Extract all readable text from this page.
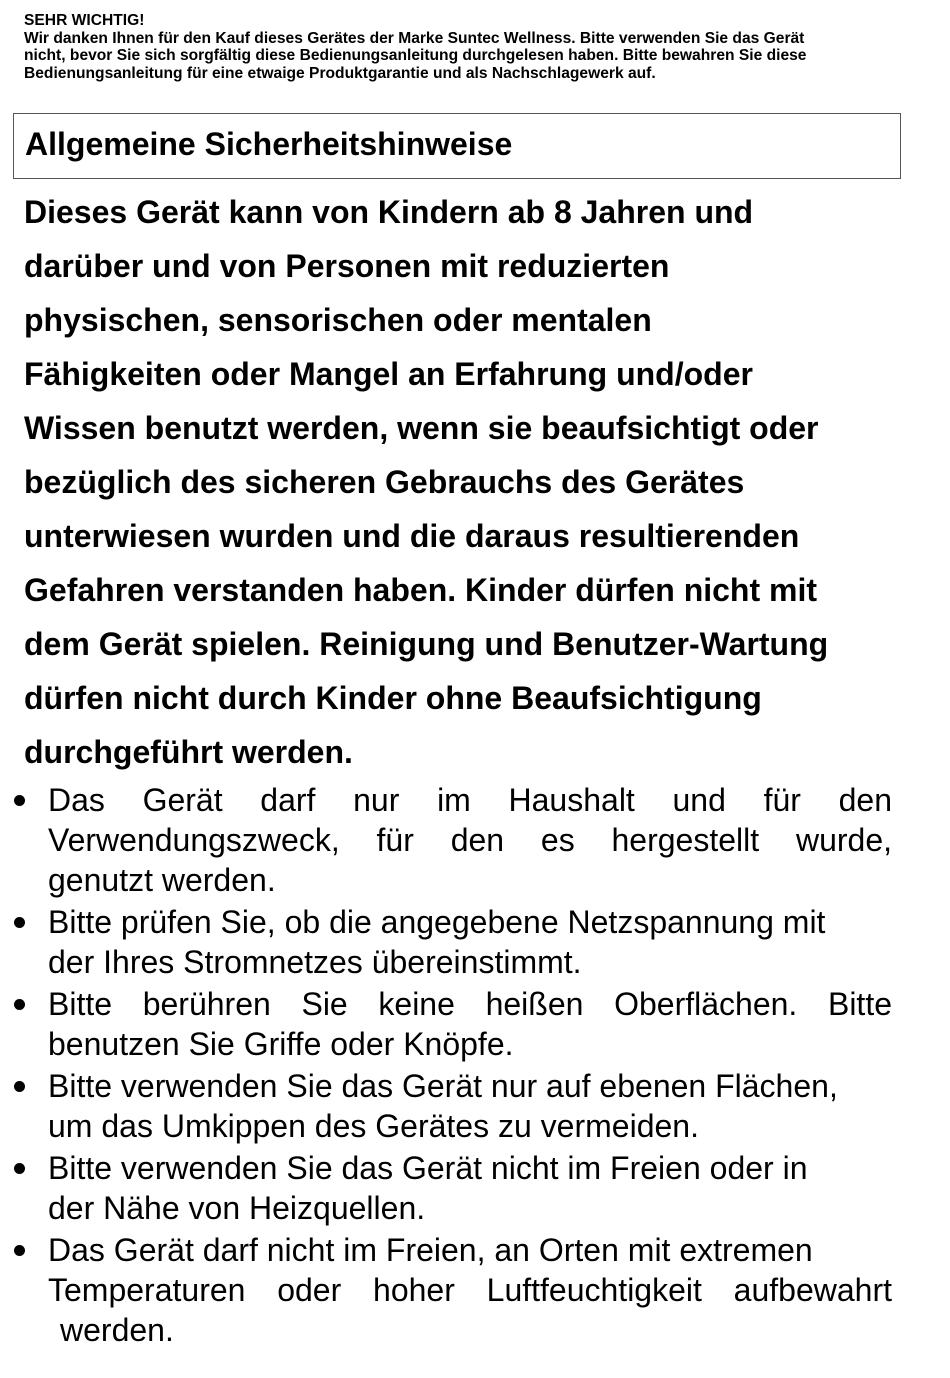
SEHR WICHTIG!
Wir danken Ihnen für den Kauf dieses Gerätes der Marke Suntec Wellness. Bitte verwenden Sie das Gerät
nicht, bevor Sie sich sorgfältig diese Bedienungsanleitung durchgelesen haben. Bitte bewahren Sie diese
Bedienungsanleitung für eine etwaige Produktgarantie und als Nachschlagewerk auf.
Allgemeine Sicherheitshinweise
Dieses Gerät kann von Kindern ab 8 Jahren und
darüber und von Personen mit reduzierten
physischen, sensorischen oder mentalen
Fähigkeiten oder Mangel an Erfahrung und/oder
Wissen benutzt werden, wenn sie beaufsichtigt oder
bezüglich des sicheren Gebrauchs des Gerätes
unterwiesen wurden und die daraus resultierenden
Gefahren verstanden haben. Kinder dürfen nicht mit
dem Gerät spielen. Reinigung und Benutzer-Wartung
dürfen nicht durch Kinder ohne Beaufsichtigung
durchgeführt werden.
Das Gerät darf nur im Haushalt und für den
Verwendungszweck, für den es hergestellt wurde,
genutzt werden.
Bitte prüfen Sie, ob die angegebene Netzspannung mit
der Ihres Stromnetzes übereinstimmt.
Bitte berühren Sie keine heißen Oberflächen. Bitte
benutzen Sie Griffe oder Knöpfe.
Bitte verwenden Sie das Gerät nur auf ebenen Flächen,
um das Umkippen des Gerätes zu vermeiden.
Bitte verwenden Sie das Gerät nicht im Freien oder in
der Nähe von Heizquellen.
Das Gerät darf nicht im Freien, an Orten mit extremen
Temperaturen oder hoher Luftfeuchtigkeit aufbewahrt
werden.
